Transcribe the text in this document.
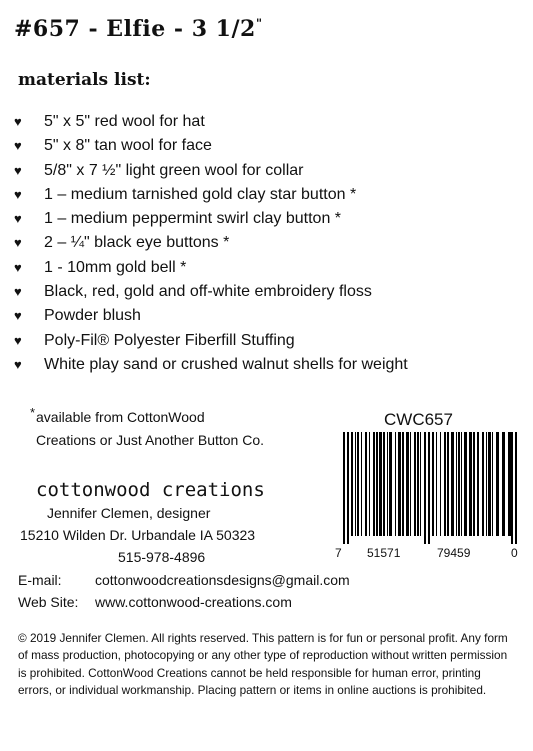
#657 - Elfie - 3 1/2"
materials list:
♥	5" x 5" red wool for hat
♥	5" x 8" tan wool for face
♥	5/8" x 7 ½" light green wool for collar
♥	1 – medium tarnished gold clay star button *
♥	1 – medium peppermint swirl clay button *
♥	2 – ¼" black eye buttons *
♥	1 - 10mm gold bell *
♥	Black, red, gold and off-white embroidery floss
♥	Powder blush
♥	Poly-Fil® Polyester Fiberfill Stuffing
♥	White play sand or crushed walnut shells for weight
* available from CottonWood
Creations or Just Another Button Co.
CWC657
7 51571	79459	0
cottonwood creations
Jennifer Clemen, designer
15210 Wilden Dr. Urbandale IA 50323
515-978-4896
E-mail: cottonwoodcreationsdesigns@gmail.com
Web Site: www.cottonwood-creations.com
© 2019 Jennifer Clemen. All rights reserved. This pattern is for fun or personal profit. Any form of mass production, photocopying or any other type of reproduction without written permission is prohibited. CottonWood Creations cannot be held responsible for human error, printing errors, or individual workmanship. Placing pattern or items in online auctions is prohibited.
